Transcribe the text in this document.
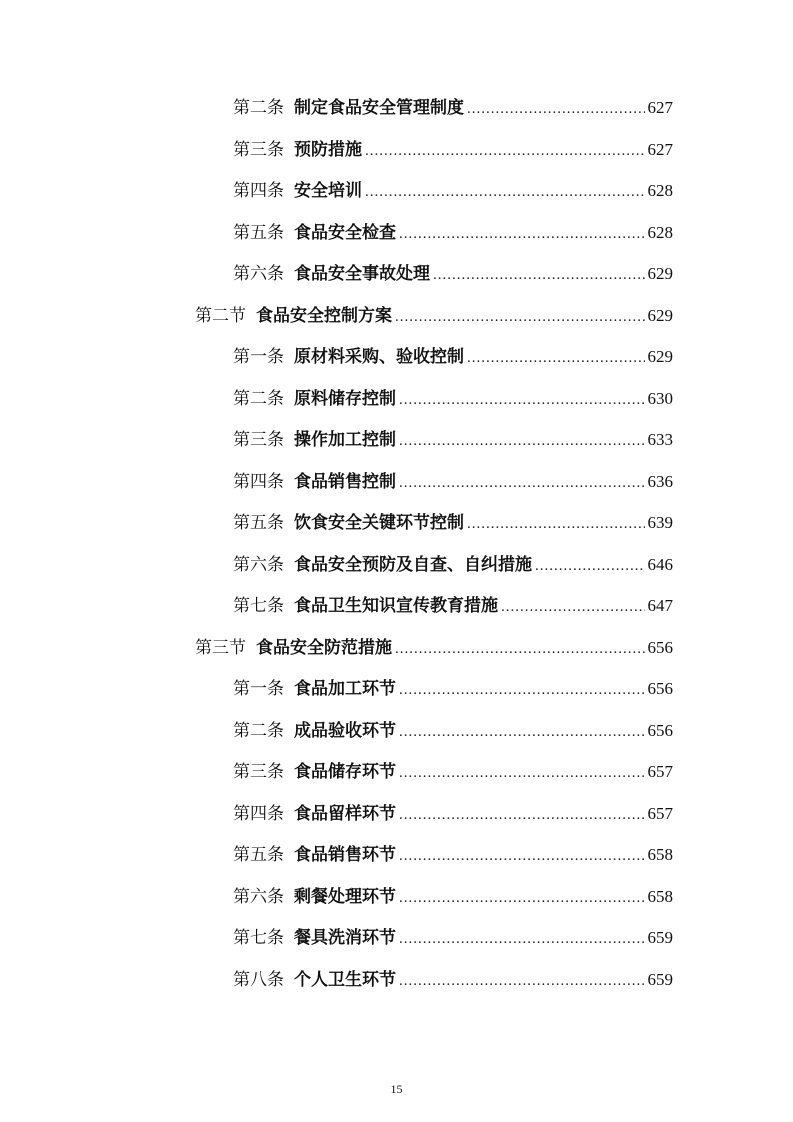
第二条 制定食品安全管理制度 .....	627
第三条 预防措施 .....	627
第四条 安全培训 .....	628
第五条 食品安全检查 .....	628
第六条 食品安全事故处理 .....	629
第二节 食品安全控制方案 .....	629
第一条 原材料采购、验收控制 .....	629
第二条 原料储存控制 .....	630
第三条 操作加工控制 .....	633
第四条 食品销售控制 .....	636
第五条 饮食安全关键环节控制 .....	639
第六条 食品安全预防及自查、自纠措施 .....	646
第七条 食品卫生知识宣传教育措施 .....	647
第三节 食品安全防范措施 .....	656
第一条 食品加工环节 .....	656
第二条 成品验收环节 .....	656
第三条 食品储存环节 .....	657
第四条 食品留样环节 .....	657
第五条 食品销售环节 .....	658
第六条 剩餐处理环节 .....	658
第七条 餐具洗消环节 .....	659
第八条 个人卫生环节 .....	659
15
